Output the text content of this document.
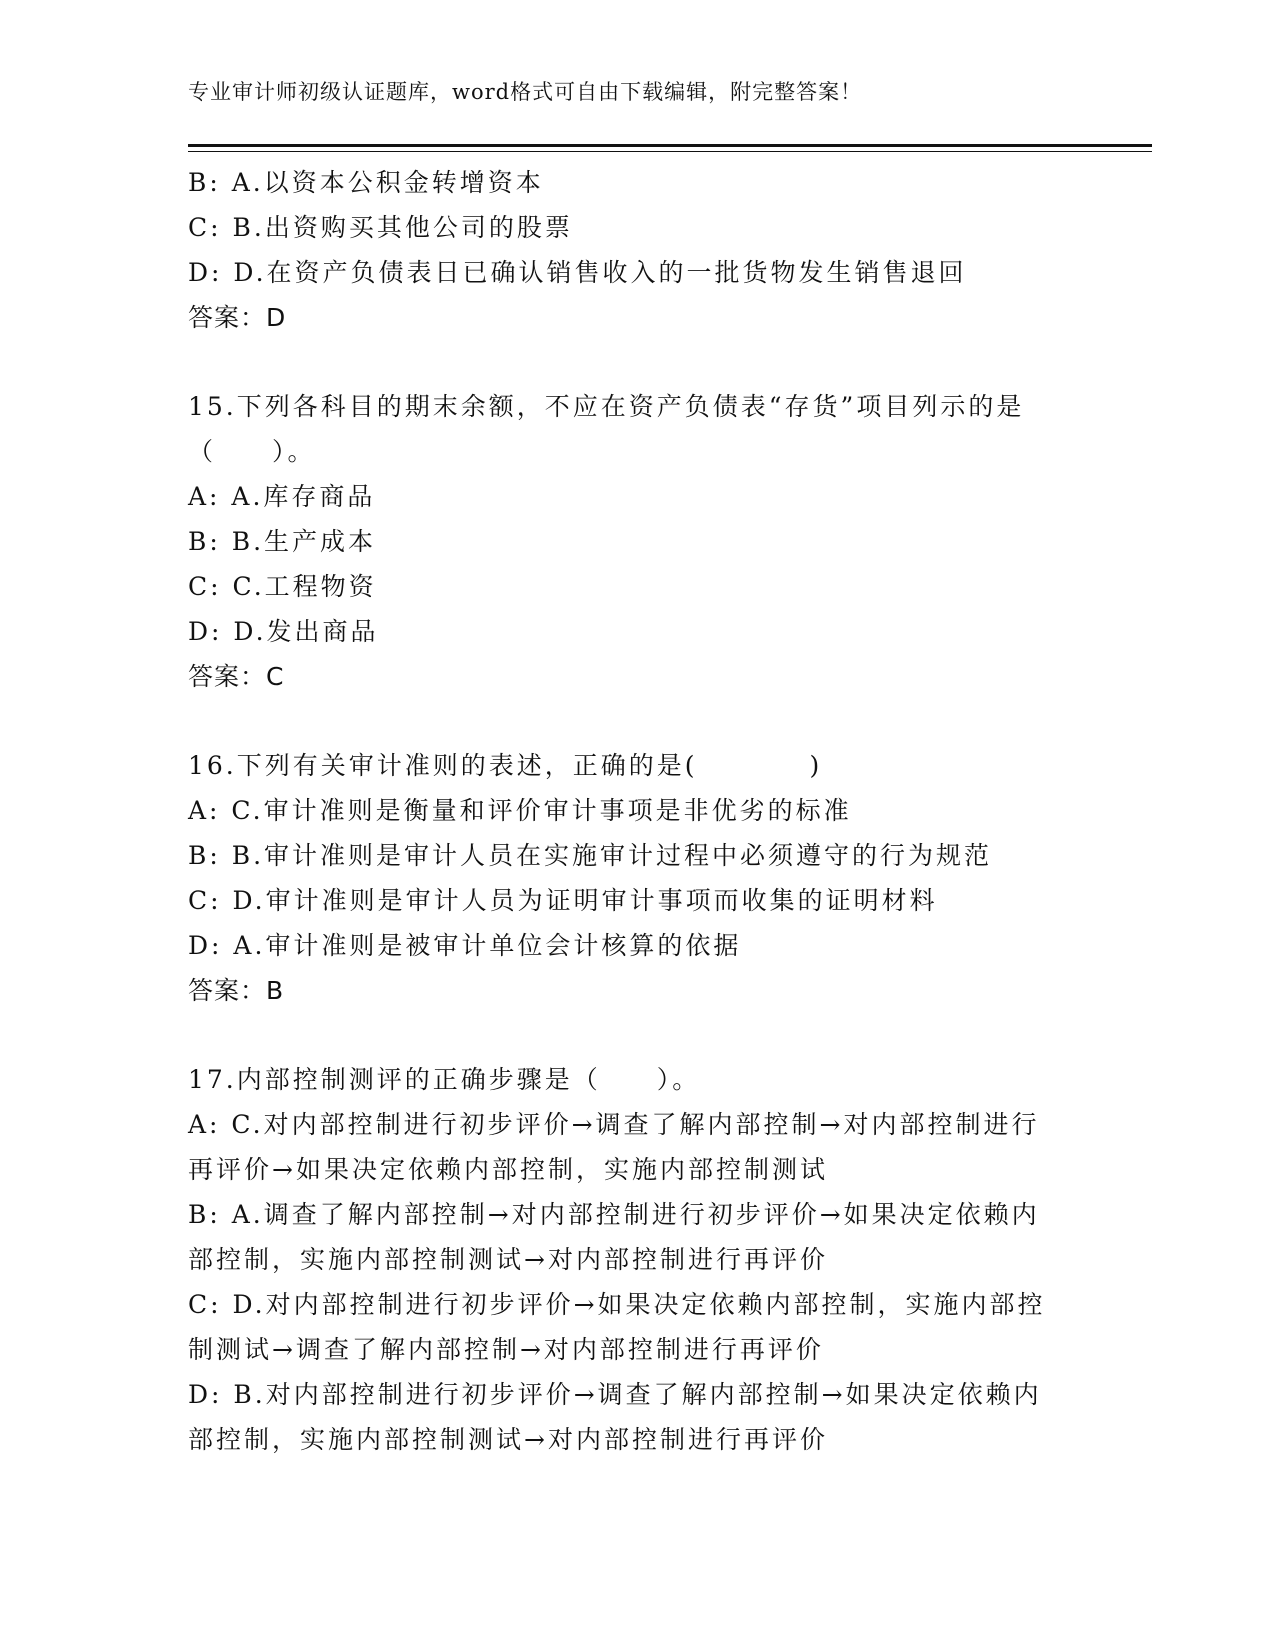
专业审计师初级认证题库，word格式可自由下载编辑，附完整答案！
B: A.以资本公积金转增资本
C: B.出资购买其他公司的股票
D: D.在资产负债表日已确认销售收入的一批货物发生销售退回
答案：D
15.下列各科目的期末余额，不应在资产负债表“存货”项目列示的是
（　　）。
A: A.库存商品
B: B.生产成本
C: C.工程物资
D: D.发出商品
答案：C
16.下列有关审计准则的表述，正确的是(　　　　)
A: C.审计准则是衡量和评价审计事项是非优劣的标准
B: B.审计准则是审计人员在实施审计过程中必须遵守的行为规范
C: D.审计准则是审计人员为证明审计事项而收集的证明材料
D: A.审计准则是被审计单位会计核算的依据
答案：B
17.内部控制测评的正确步骤是（　　）。
A: C.对内部控制进行初步评价→调查了解内部控制→对内部控制进行
再评价→如果决定依赖内部控制，实施内部控制测试
B: A.调查了解内部控制→对内部控制进行初步评价→如果决定依赖内
部控制，实施内部控制测试→对内部控制进行再评价
C: D.对内部控制进行初步评价→如果决定依赖内部控制，实施内部控
制测试→调查了解内部控制→对内部控制进行再评价
D: B.对内部控制进行初步评价→调查了解内部控制→如果决定依赖内
部控制，实施内部控制测试→对内部控制进行再评价
